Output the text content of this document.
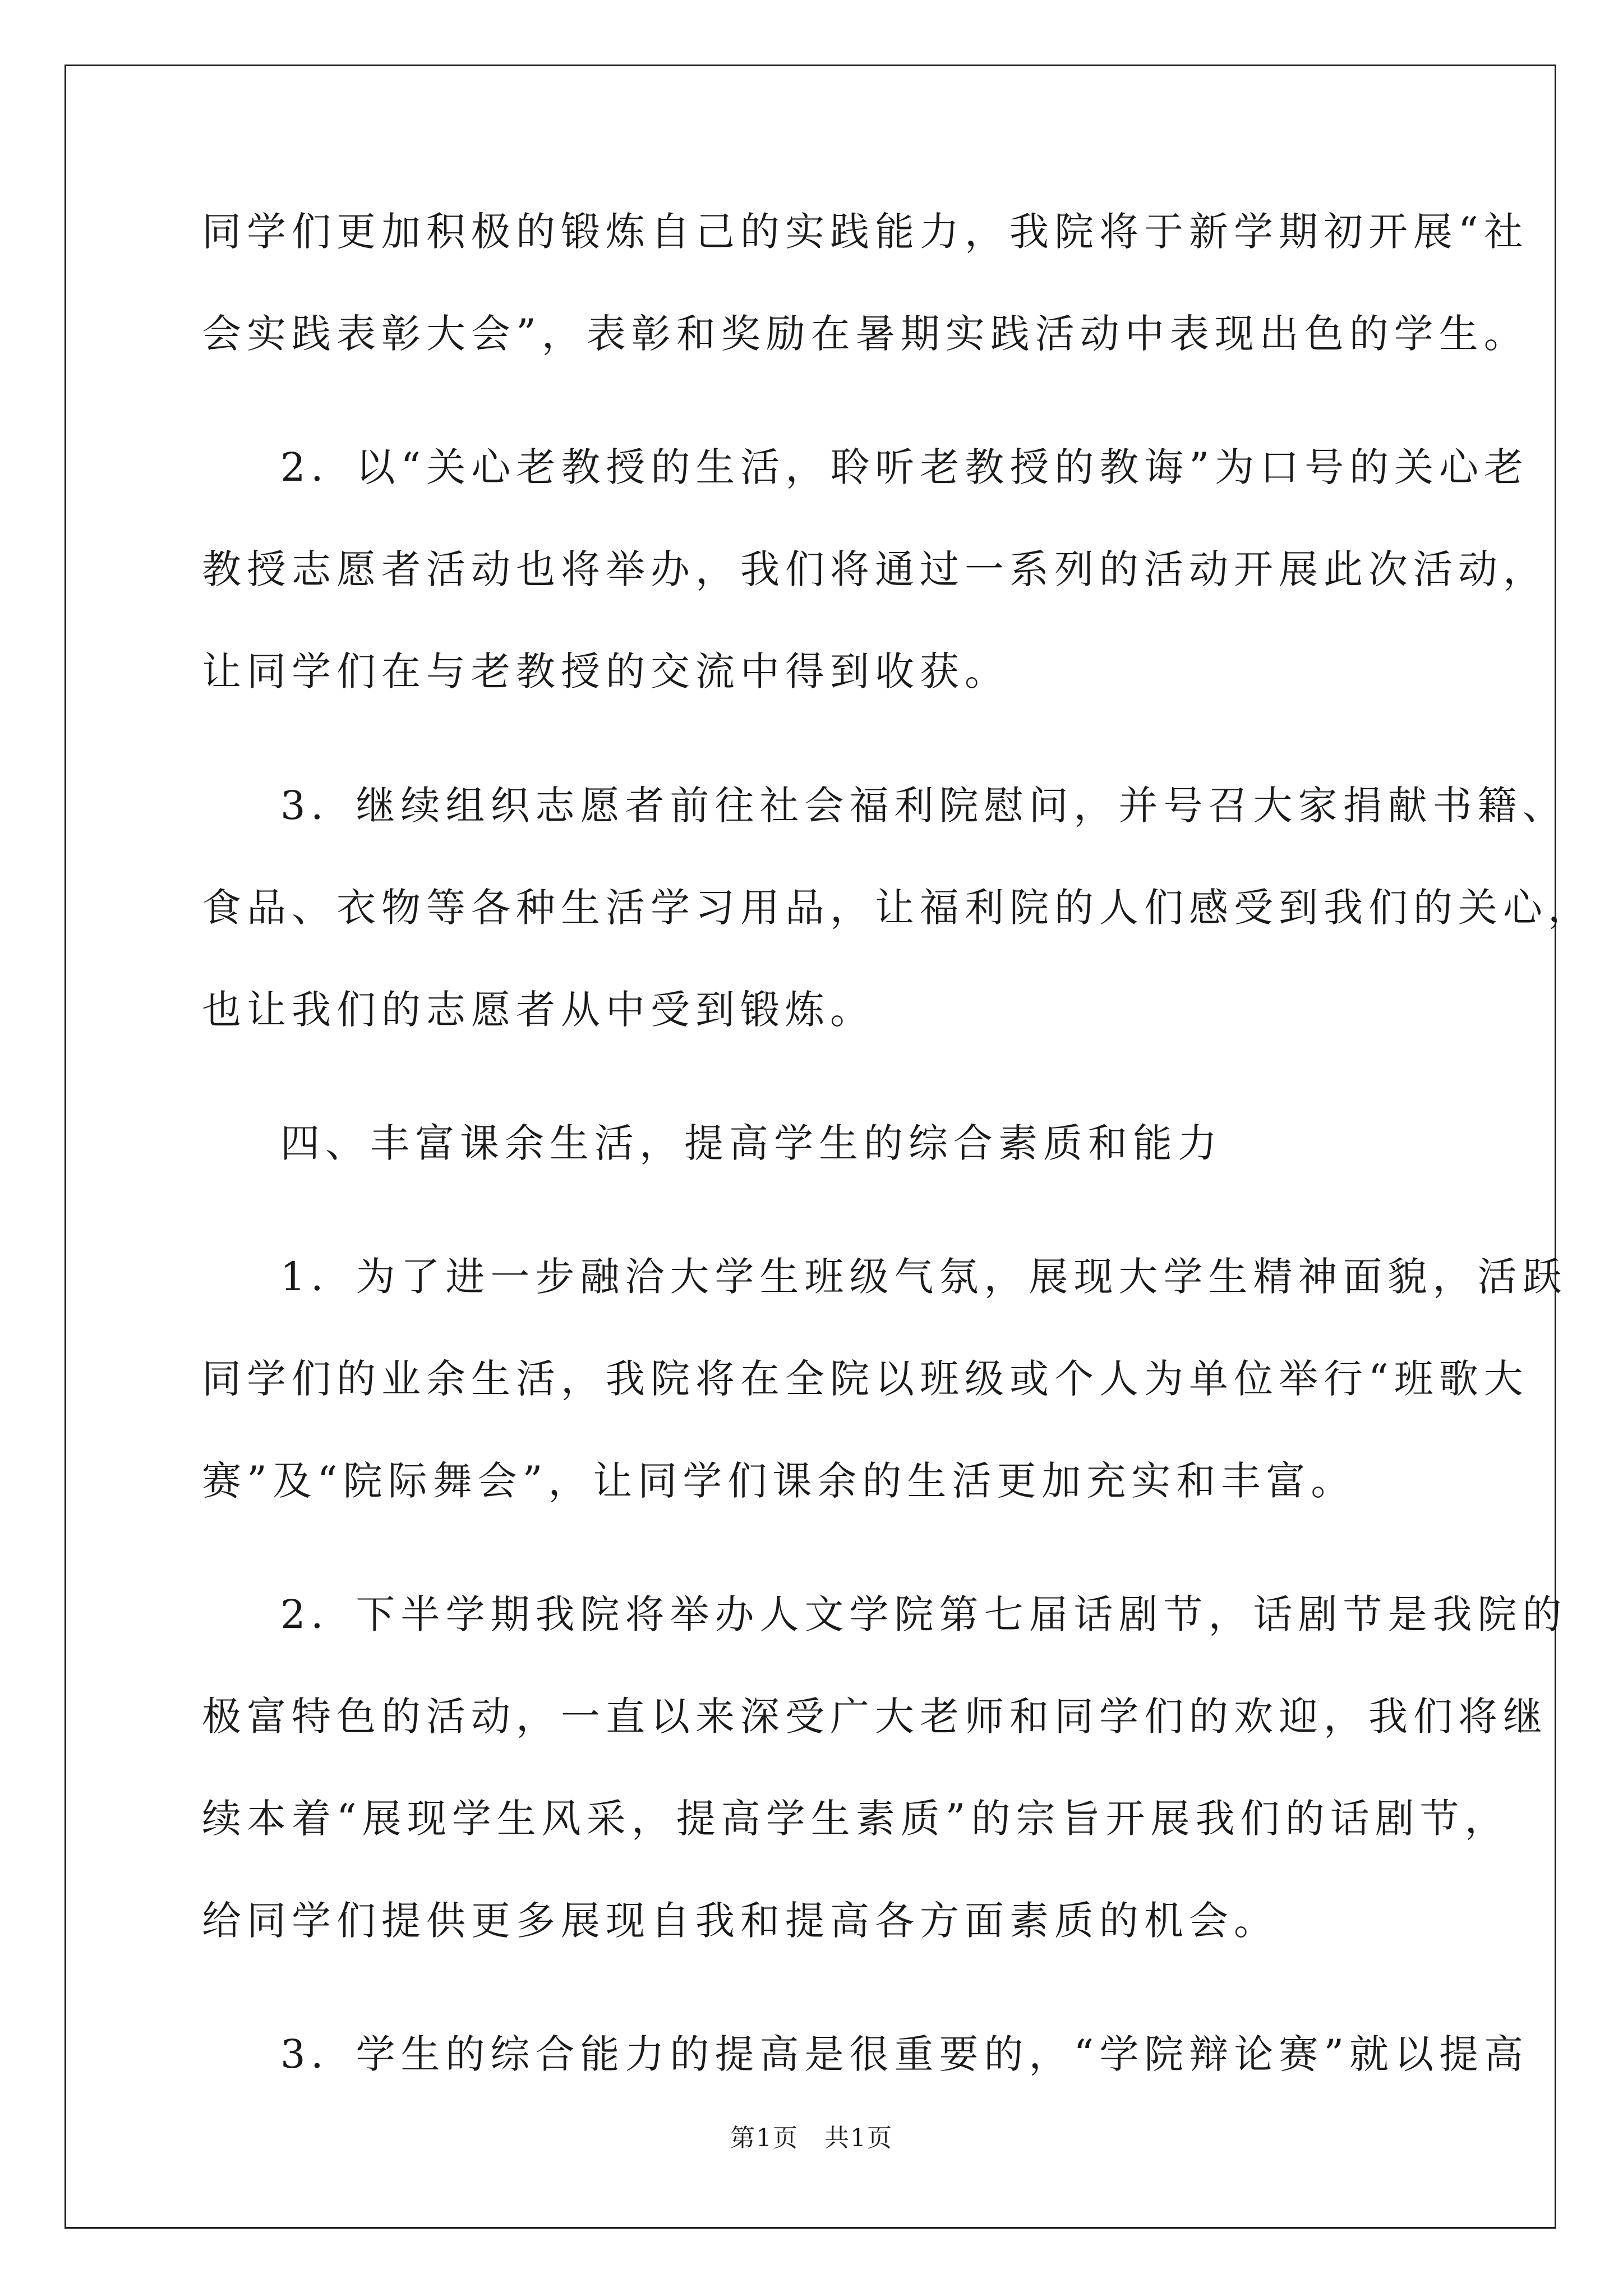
同学们更加积极的锻炼自己的实践能力，我院将于新学期初开展“社
会实践表彰大会”，表彰和奖励在暑期实践活动中表现出色的学生。
2．以“关心老教授的生活，聆听老教授的教诲”为口号的关心老
教授志愿者活动也将举办，我们将通过一系列的活动开展此次活动，
让同学们在与老教授的交流中得到收获。
3．继续组织志愿者前往社会福利院慰问，并号召大家捐献书籍、
食品、衣物等各种生活学习用品，让福利院的人们感受到我们的关心，
也让我们的志愿者从中受到锻炼。
四、丰富课余生活，提高学生的综合素质和能力
1．为了进一步融洽大学生班级气氛，展现大学生精神面貌，活跃
同学们的业余生活，我院将在全院以班级或个人为单位举行“班歌大
赛”及“院际舞会”，让同学们课余的生活更加充实和丰富。
2．下半学期我院将举办人文学院第七届话剧节，话剧节是我院的
极富特色的活动，一直以来深受广大老师和同学们的欢迎，我们将继
续本着“展现学生风采，提高学生素质”的宗旨开展我们的话剧节，
给同学们提供更多展现自我和提高各方面素质的机会。
3．学生的综合能力的提高是很重要的，“学院辩论赛”就以提高
第1页　共1页
